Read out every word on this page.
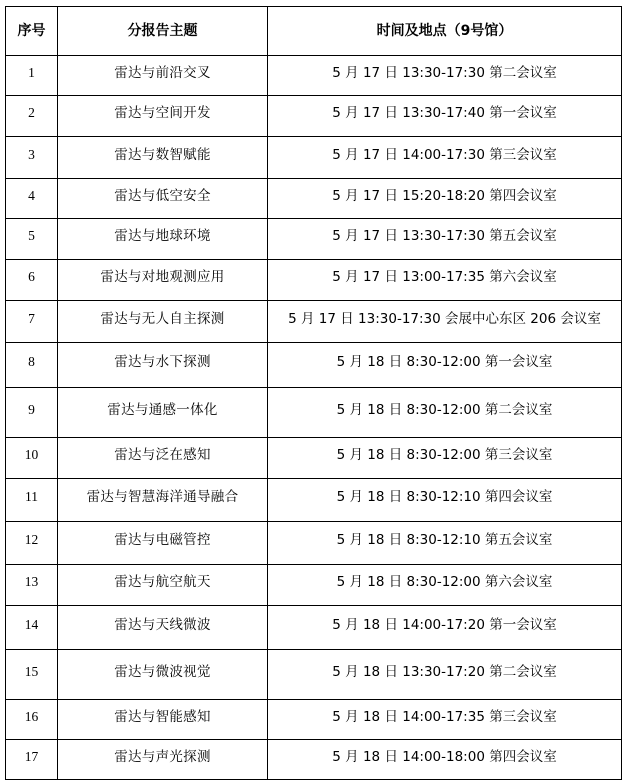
序号	分报告主题	时间及地点（9号馆）

1	雷达与前沿交叉	5 月 17 日 13:30-17:30 第二会议室

2	雷达与空间开发	5 月 17 日 13:30-17:40 第一会议室

3	雷达与数智赋能	5 月 17 日 14:00-17:30 第三会议室

4	雷达与低空安全	5 月 17 日 15:20-18:20 第四会议室

5	雷达与地球环境	5 月 17 日 13:30-17:30 第五会议室

6	雷达与对地观测应用	5 月 17 日 13:00-17:35 第六会议室

7	雷达与无人自主探测	5 月 17 日 13:30-17:30 会展中心东区 206 会议室

8	雷达与水下探测	5 月 18 日 8:30-12:00 第一会议室

9	雷达与通感一体化	5 月 18 日 8:30-12:00 第二会议室

10	雷达与泛在感知	5 月 18 日 8:30-12:00 第三会议室

11	雷达与智慧海洋通导融合	5 月 18 日 8:30-12:10 第四会议室

12	雷达与电磁管控	5 月 18 日 8:30-12:10 第五会议室

13	雷达与航空航天	5 月 18 日 8:30-12:00 第六会议室

14	雷达与天线微波	5 月 18 日 14:00-17:20 第一会议室

15	雷达与微波视觉	5 月 18 日 13:30-17:20 第二会议室

16	雷达与智能感知	5 月 18 日 14:00-17:35 第三会议室

17	雷达与声光探测	5 月 18 日 14:00-18:00 第四会议室
